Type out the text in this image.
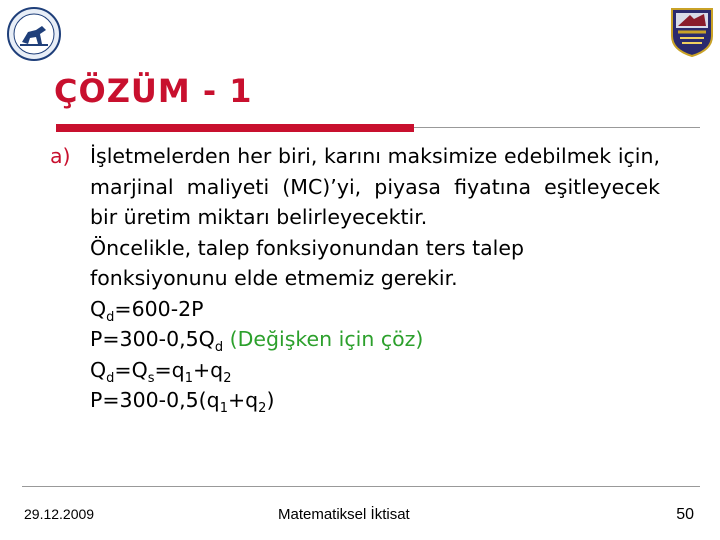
ÇÖZÜM - 1
a) İşletmelerden her biri, karını maksimize edebilmek için, marjinal maliyeti (MC)’yi, piyasa fiyatına eşitleyecek bir üretim miktarı belirleyecektir.
Öncelikle, talep fonksiyonundan ters talep
fonksiyonunu elde etmemiz gerekir.
$Q_d=600-2P$
$P=300-0,5Q_d$ (Değişken için çöz)
$Q_d=Q_s=q_1+q_2$
$P=300-0,5(q_1+q_2)$
29.12.2009	Matematiksel İktisat	50
